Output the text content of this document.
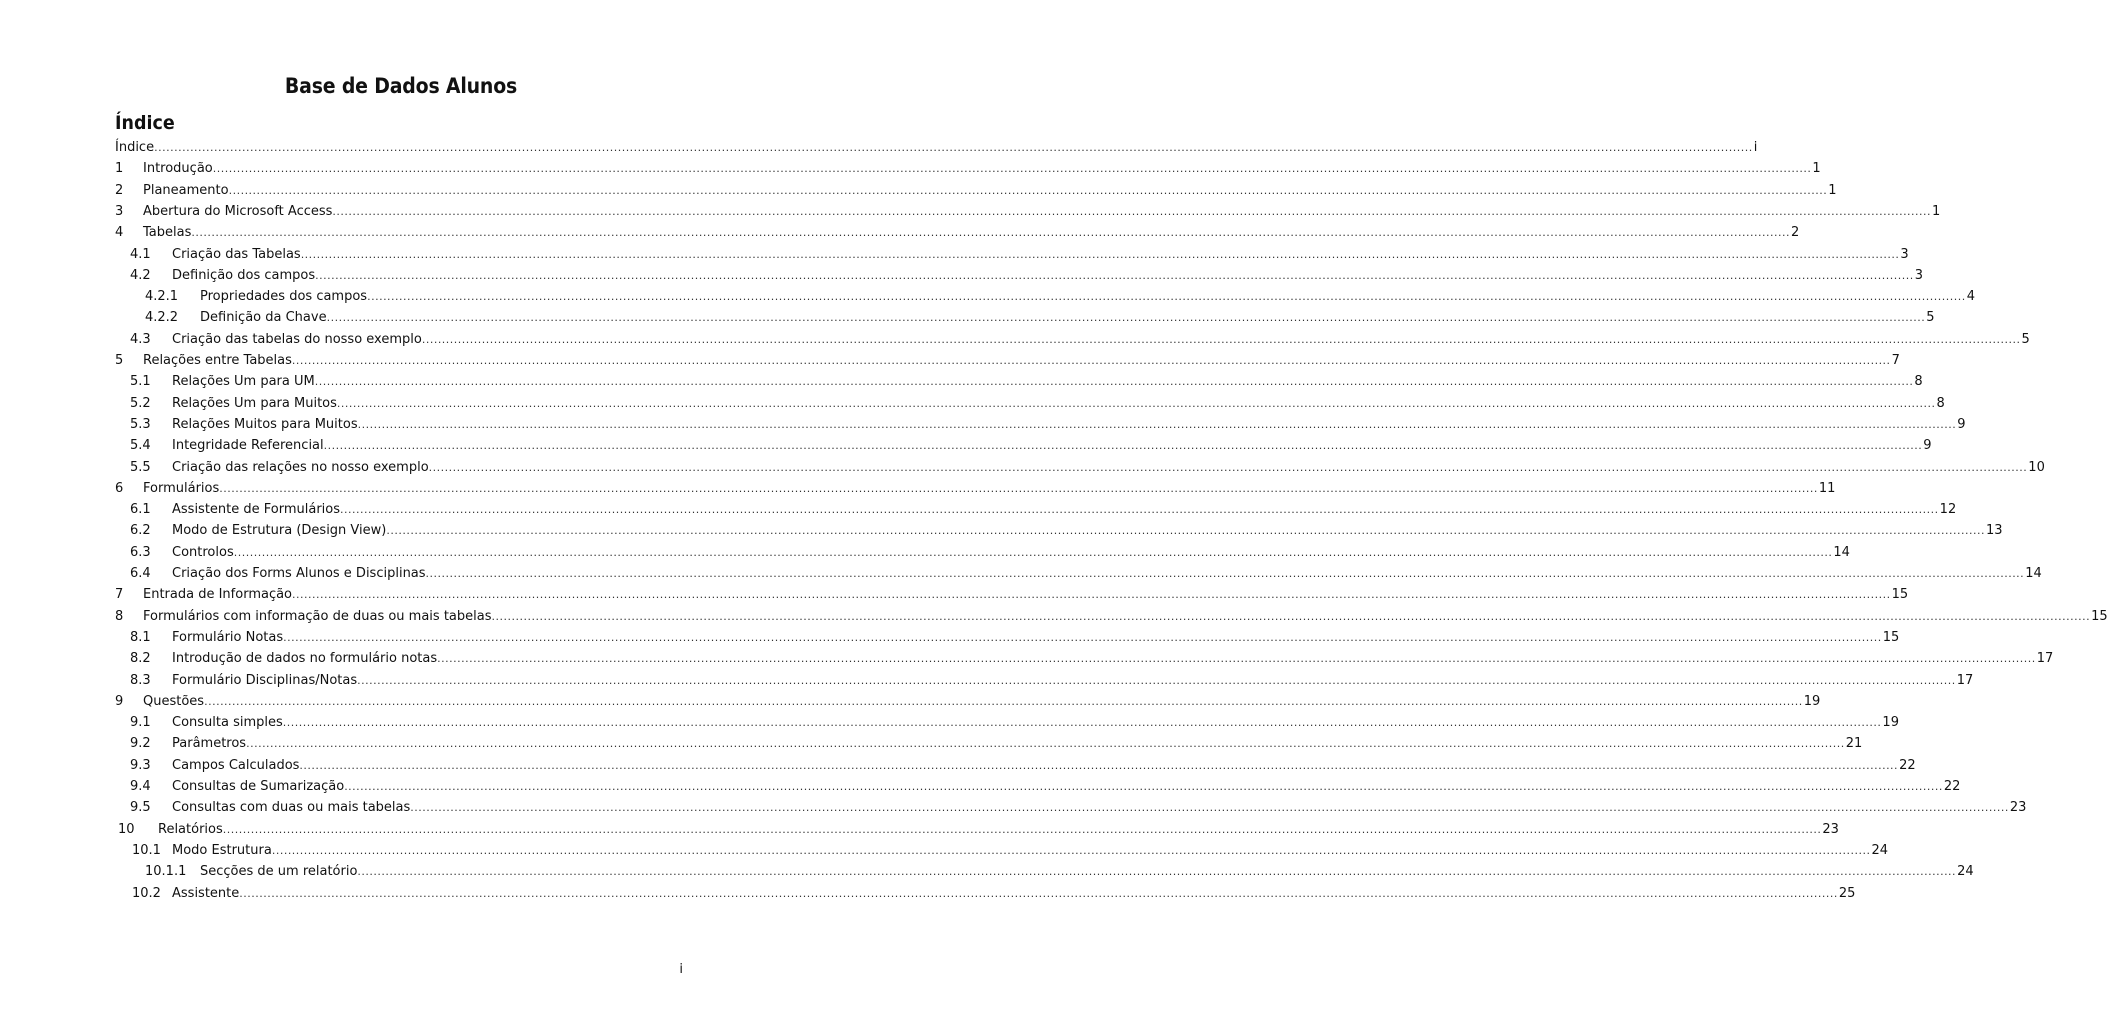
Base de Dados Alunos
Índice
Índice ................................................................................................................................................................................................................................................................................................................................................................................................................ i
1 Introdução ................................................................................................................................................................................................................................................................................................................................................................................................................ 1
2 Planeamento ................................................................................................................................................................................................................................................................................................................................................................................................................ 1
3 Abertura do Microsoft Access ................................................................................................................................................................................................................................................................................................................................................................................................................ 1
4 Tabelas ................................................................................................................................................................................................................................................................................................................................................................................................................ 2
4.1 Criação das Tabelas ................................................................................................................................................................................................................................................................................................................................................................................................................ 3
4.2 Definição dos campos ................................................................................................................................................................................................................................................................................................................................................................................................................ 3
4.2.1 Propriedades dos campos ................................................................................................................................................................................................................................................................................................................................................................................................................ 4
4.2.2 Definição da Chave ................................................................................................................................................................................................................................................................................................................................................................................................................ 5
4.3 Criação das tabelas do nosso exemplo ................................................................................................................................................................................................................................................................................................................................................................................................................ 5
5 Relações entre Tabelas ................................................................................................................................................................................................................................................................................................................................................................................................................ 7
5.1 Relações Um para UM ................................................................................................................................................................................................................................................................................................................................................................................................................ 8
5.2 Relações Um para Muitos ................................................................................................................................................................................................................................................................................................................................................................................................................ 8
5.3 Relações Muitos para Muitos ................................................................................................................................................................................................................................................................................................................................................................................................................ 9
5.4 Integridade Referencial ................................................................................................................................................................................................................................................................................................................................................................................................................ 9
5.5 Criação das relações no nosso exemplo ................................................................................................................................................................................................................................................................................................................................................................................................................ 10
6 Formulários ................................................................................................................................................................................................................................................................................................................................................................................................................ 11
6.1 Assistente de Formulários ................................................................................................................................................................................................................................................................................................................................................................................................................ 12
6.2 Modo de Estrutura (Design View) ................................................................................................................................................................................................................................................................................................................................................................................................................ 13
6.3 Controlos ................................................................................................................................................................................................................................................................................................................................................................................................................ 14
6.4 Criação dos Forms Alunos e Disciplinas ................................................................................................................................................................................................................................................................................................................................................................................................................ 14
7 Entrada de Informação ................................................................................................................................................................................................................................................................................................................................................................................................................ 15
8 Formulários com informação de duas ou mais tabelas ................................................................................................................................................................................................................................................................................................................................................................................................................ 15
8.1 Formulário Notas ................................................................................................................................................................................................................................................................................................................................................................................................................ 15
8.2 Introdução de dados no formulário notas ................................................................................................................................................................................................................................................................................................................................................................................................................ 17
8.3 Formulário Disciplinas/Notas ................................................................................................................................................................................................................................................................................................................................................................................................................ 17
9 Questões ................................................................................................................................................................................................................................................................................................................................................................................................................ 19
9.1 Consulta simples ................................................................................................................................................................................................................................................................................................................................................................................................................ 19
9.2 Parâmetros ................................................................................................................................................................................................................................................................................................................................................................................................................ 21
9.3 Campos Calculados ................................................................................................................................................................................................................................................................................................................................................................................................................ 22
9.4 Consultas de Sumarização ................................................................................................................................................................................................................................................................................................................................................................................................................ 22
9.5 Consultas com duas ou mais tabelas ................................................................................................................................................................................................................................................................................................................................................................................................................ 23
10 Relatórios ................................................................................................................................................................................................................................................................................................................................................................................................................ 23
10.1 Modo Estrutura ................................................................................................................................................................................................................................................................................................................................................................................................................ 24
10.1.1 Secções de um relatório ................................................................................................................................................................................................................................................................................................................................................................................................................ 24
10.2 Assistente ................................................................................................................................................................................................................................................................................................................................................................................................................ 25
i
